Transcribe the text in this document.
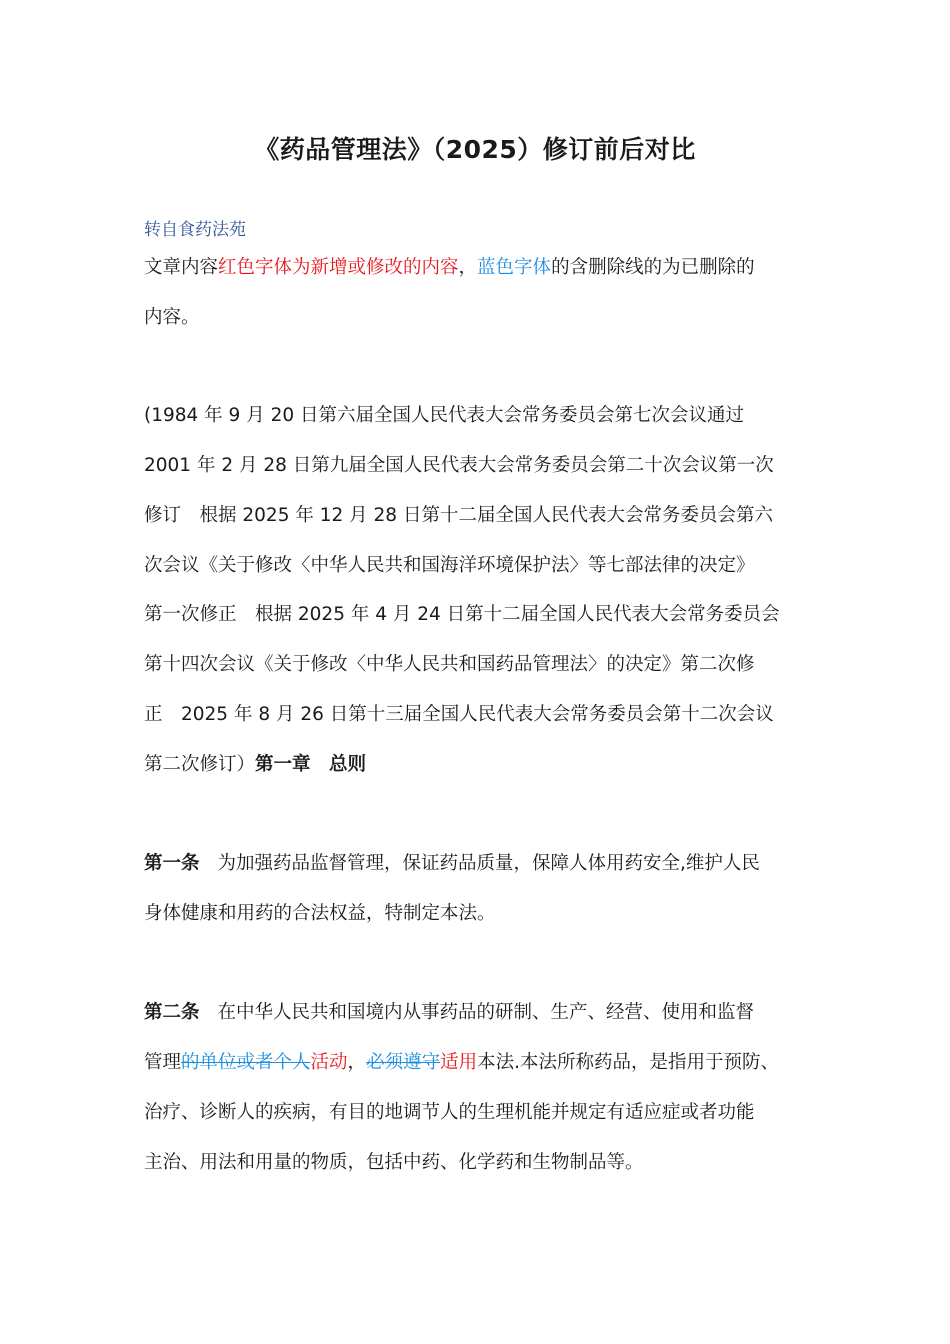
《药品管理法》（2025）修订前后对比
转自食药法苑
文章内容红色字体为新增或修改的内容，蓝色字体的含删除线的为已删除的
内容。
(1984 年 9 月 20 日第六届全国人民代表大会常务委员会第七次会议通过
2001 年 2 月 28 日第九届全国人民代表大会常务委员会第二十次会议第一次
修订　根据 2025 年 12 月 28 日第十二届全国人民代表大会常务委员会第六
次会议《关于修改〈中华人民共和国海洋环境保护法〉等七部法律的决定》
第一次修正　根据 2025 年 4 月 24 日第十二届全国人民代表大会常务委员会
第十四次会议《关于修改〈中华人民共和国药品管理法〉的决定》第二次修
正　2025 年 8 月 26 日第十三届全国人民代表大会常务委员会第十二次会议
第二次修订）第一章　总则
第一条 为加强药品监督管理，保证药品质量，保障人体用药安全,维护人民
身体健康和用药的合法权益，特制定本法。
第二条 在中华人民共和国境内从事药品的研制、生产、经营、使用和监督
管理的单位或者个人活动，必须遵守适用本法.本法所称药品，是指用于预防、
治疗、诊断人的疾病，有目的地调节人的生理机能并规定有适应症或者功能
主治、用法和用量的物质，包括中药、化学药和生物制品等。
